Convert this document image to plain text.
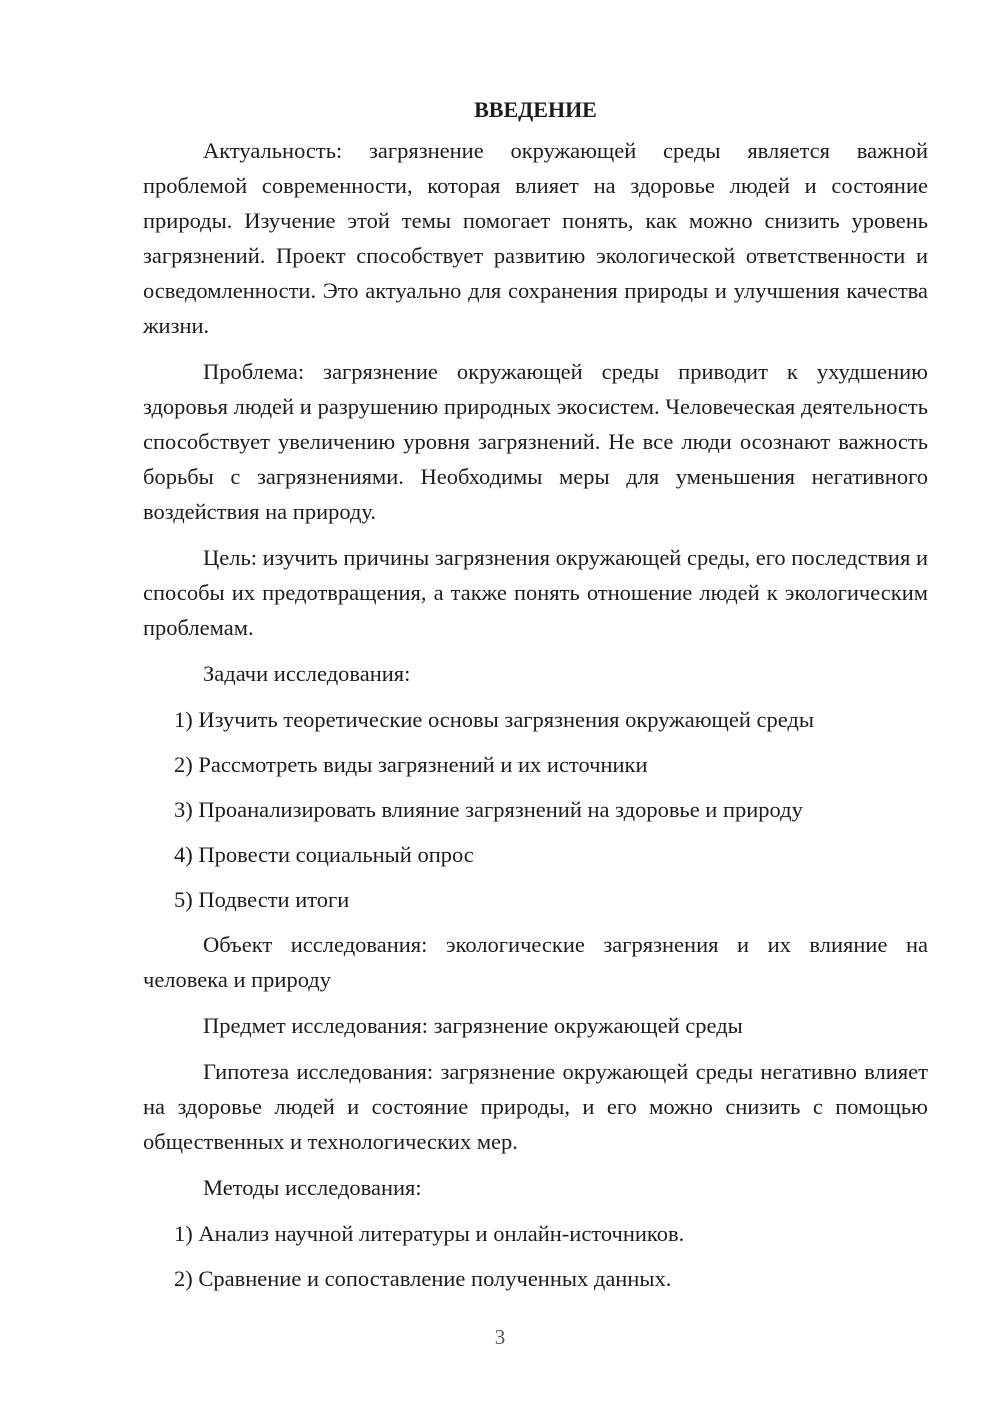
ВВЕДЕНИЕ

Актуальность: загрязнение окружающей среды является важной проблемой современности, которая влияет на здоровье людей и состояние природы. Изучение этой темы помогает понять, как можно снизить уровень загрязнений. Проект способствует развитию экологической ответственности и осведомленности. Это актуально для сохранения природы и улучшения качества жизни.

Проблема: загрязнение окружающей среды приводит к ухудшению здоровья людей и разрушению природных экосистем. Человеческая деятельность способствует увеличению уровня загрязнений. Не все люди осознают важность борьбы с загрязнениями. Необходимы меры для уменьшения негативного воздействия на природу.

Цель: изучить причины загрязнения окружающей среды, его последствия и способы их предотвращения, а также понять отношение людей к экологическим проблемам.

Задачи исследования:

1) Изучить теоретические основы загрязнения окружающей среды

2) Рассмотреть виды загрязнений и их источники

3) Проанализировать влияние загрязнений на здоровье и природу

4) Провести социальный опрос

5) Подвести итоги

Объект исследования: экологические загрязнения и их влияние на человека и природу

Предмет исследования: загрязнение окружающей среды

Гипотеза исследования: загрязнение окружающей среды негативно влияет на здоровье людей и состояние природы, и его можно снизить с помощью общественных и технологических мер.

Методы исследования:

1) Анализ научной литературы и онлайн-источников.

2) Сравнение и сопоставление полученных данных.

3
